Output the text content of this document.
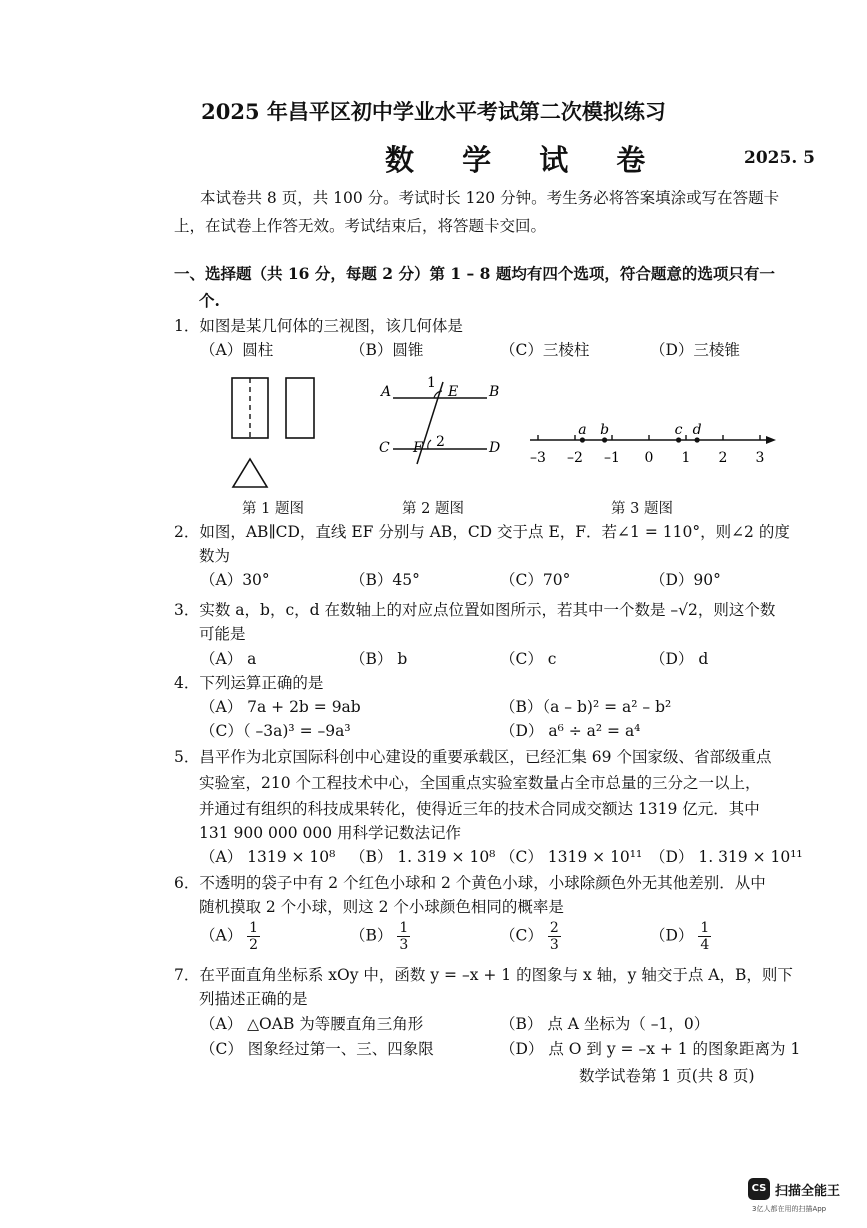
2025 年昌平区初中学业水平考试第二次模拟练习
数 学 试 卷	2025. 5
本试卷共 8 页，共 100 分。考试时长 120 分钟。考生务必将答案填涂或写在答题卡
上，在试卷上作答无效。考试结束后，将答题卡交回。
一、选择题（共 16 分，每题 2 分）第 1 – 8 题均有四个选项，符合题意的选项只有一
个.
1．如图是某几何体的三视图，该几何体是
（A）圆柱	（B）圆锥	（C）三棱柱	（D）三棱锥
A	B
C	D
E
F
1
2
–3 –2 –1 0 1 2 3
a b	c d
第 1 题图	第 2 题图	第 3 题图
2．如图，AB∥CD，直线 EF 分别与 AB，CD 交于点 E，F．若∠1 = 110°，则∠2 的度
数为
（A）30°	（B）45°	（C）70°	（D）90°
3．实数 a，b，c，d 在数轴上的对应点位置如图所示，若其中一个数是 –√2，则这个数
可能是
（A） a	（B） b	（C） c	（D） d
4．下列运算正确的是
（A） 7a + 2b = 9ab	（B）（a – b)² = a² – b²
（C）（ –3a)³ = –9a³	（D） a⁶ ÷ a² = a⁴
5．昌平作为北京国际科创中心建设的重要承载区，已经汇集 69 个国家级、省部级重点
实验室，210 个工程技术中心，全国重点实验室数量占全市总量的三分之一以上，
并通过有组织的科技成果转化，使得近三年的技术合同成交额达 1319 亿元．其中
131 900 000 000 用科学记数法记作
（A） 1319 × 10⁸ （B） 1. 319 × 10⁸ （C） 1319 × 10¹¹ （D） 1. 319 × 10¹¹
6．不透明的袋子中有 2 个红色小球和 2 个黄色小球，小球除颜色外无其他差别．从中
随机摸取 2 个小球，则这 2 个小球颜色相同的概率是
$(A) \frac{1}{2}$	$(B) \frac{1}{3}$	$(C) \frac{2}{3}$	$(D) \frac{1}{4}$
7．在平面直角坐标系 xOy 中，函数 y = –x + 1 的图象与 x 轴，y 轴交于点 A，B，则下
列描述正确的是
（A） △OAB 为等腰直角三角形	（B） 点 A 坐标为（ –1，0）
（C） 图象经过第一、三、四象限	（D） 点 O 到 y = –x + 1 的图象距离为 1
数学试卷第 1 页(共 8 页)
CS 扫描全能王
3亿人都在用的扫描App
